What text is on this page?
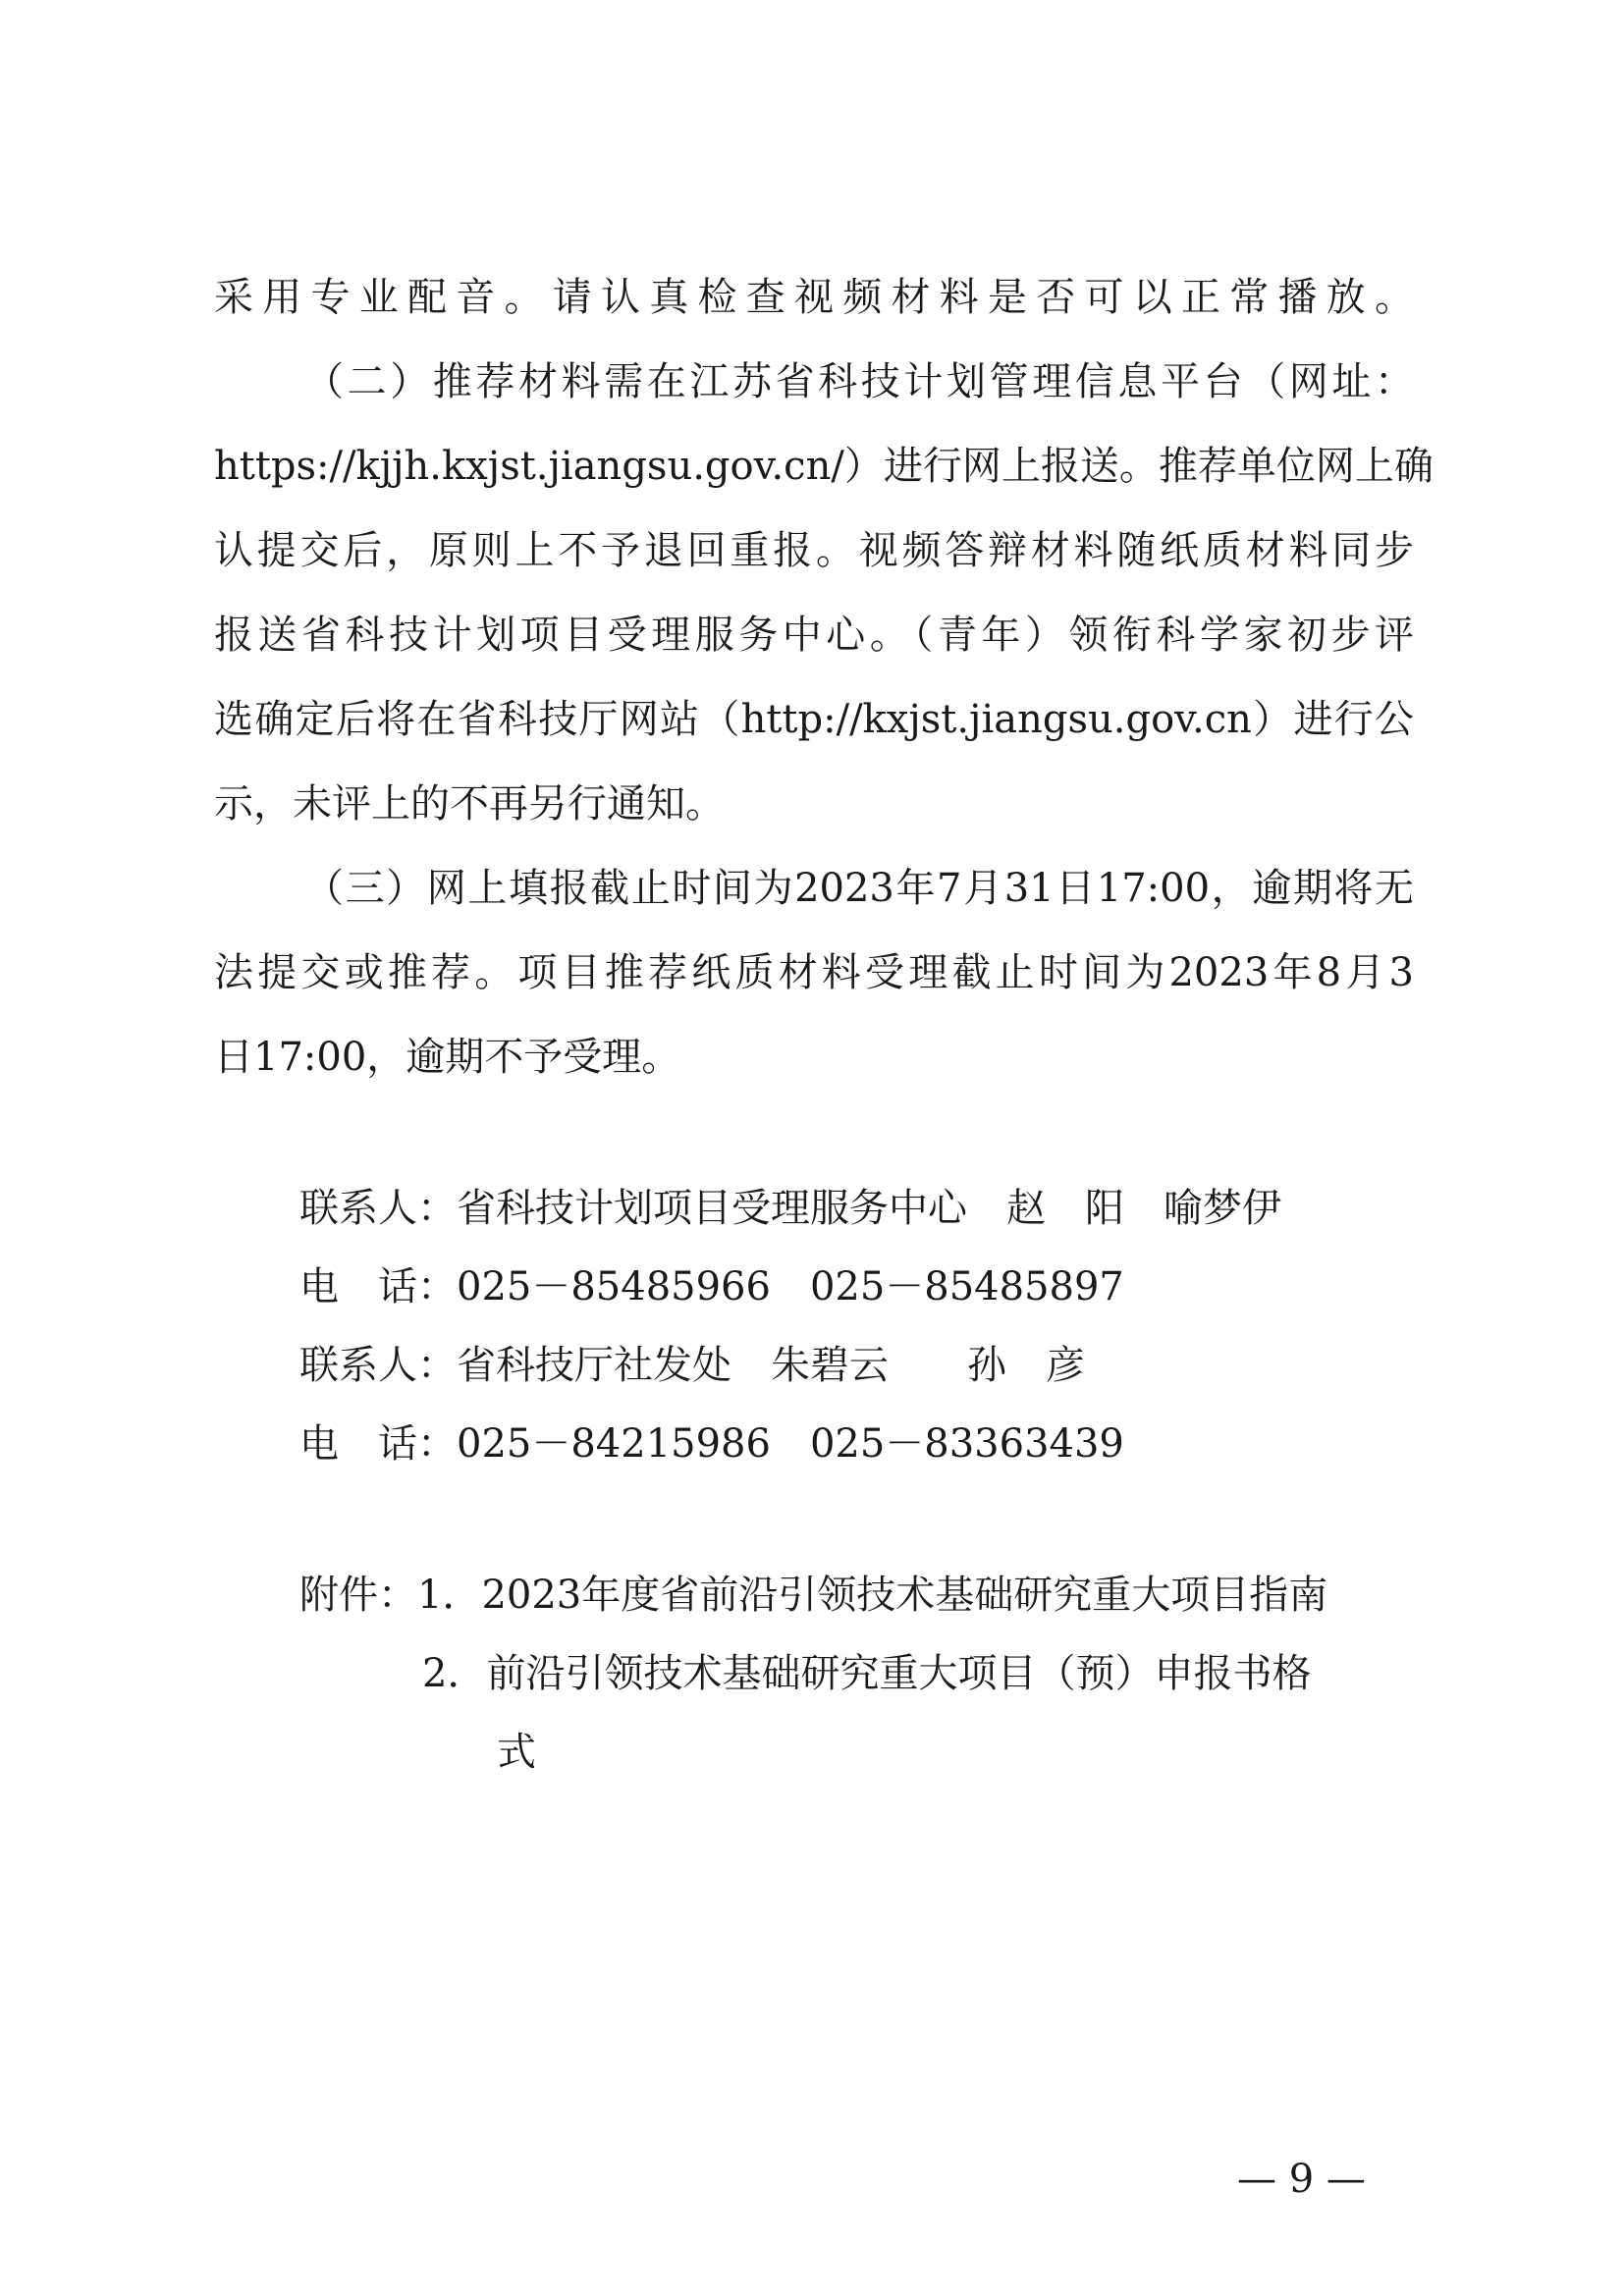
采用专业配音。请认真检查视频材料是否可以正常播放。
（二）推荐材料需在江苏省科技计划管理信息平台（网址：
https://kjjh.kxjst.jiangsu.gov.cn/）进行网上报送。推荐单位网上确
认提交后，原则上不予退回重报。视频答辩材料随纸质材料同步
报送省科技计划项目受理服务中心。（青年）领衔科学家初步评
选确定后将在省科技厅网站（http://kxjst.jiangsu.gov.cn）进行公
示，未评上的不再另行通知。
（三）网上填报截止时间为2023年7月31日17:00，逾期将无
法提交或推荐。项目推荐纸质材料受理截止时间为2023年8月3
日17:00，逾期不予受理。
联系人：省科技计划项目受理服务中心　赵　阳　喻梦伊
电　话：025－85485966　025－85485897
联系人：省科技厅社发处　朱碧云　　孙　彦
电　话：025－84215986　025－83363439
附件：1．2023年度省前沿引领技术基础研究重大项目指南
2．前沿引领技术基础研究重大项目（预）申报书格
式
— 9 —
